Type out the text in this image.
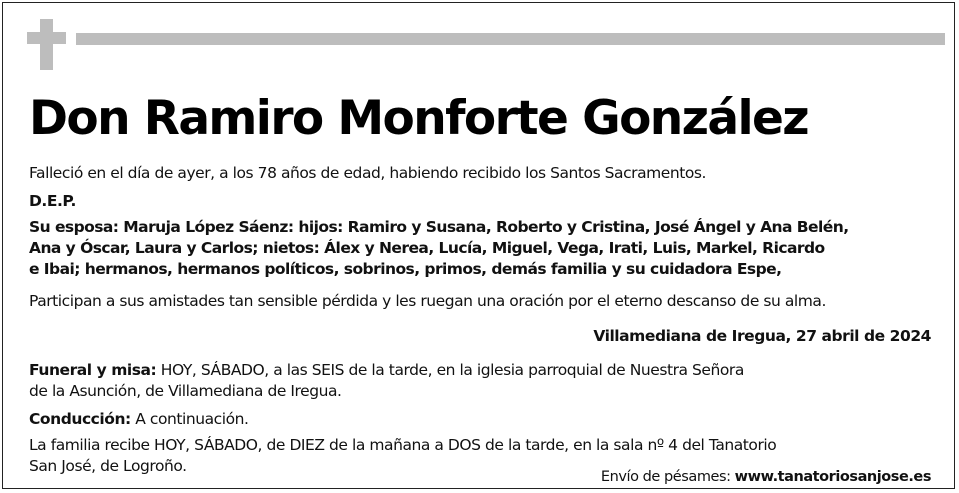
Don Ramiro Monforte González

Falleció en el día de ayer, a los 78 años de edad, habiendo recibido los Santos Sacramentos.

D.E.P.

Su esposa: Maruja López Sáenz: hijos: Ramiro y Susana, Roberto y Cristina, José Ángel y Ana Belén,
Ana y Óscar, Laura y Carlos; nietos: Álex y Nerea, Lucía, Miguel, Vega, Irati, Luis, Markel, Ricardo
e Ibai; hermanos, hermanos políticos, sobrinos, primos, demás familia y su cuidadora Espe,

Participan a sus amistades tan sensible pérdida y les ruegan una oración por el eterno descanso de su alma.

Villamediana de Iregua, 27 abril de 2024

Funeral y misa: HOY, SÁBADO, a las SEIS de la tarde, en la iglesia parroquial de Nuestra Señora

de la Asunción, de Villamediana de Iregua.

Conducción: A continuación.

La familia recibe HOY, SÁBADO, de DIEZ de la mañana a DOS de la tarde, en la sala nº 4 del Tanatorio

San José, de Logroño.

Envío de pésames: www.tanatoriosanjose.es
